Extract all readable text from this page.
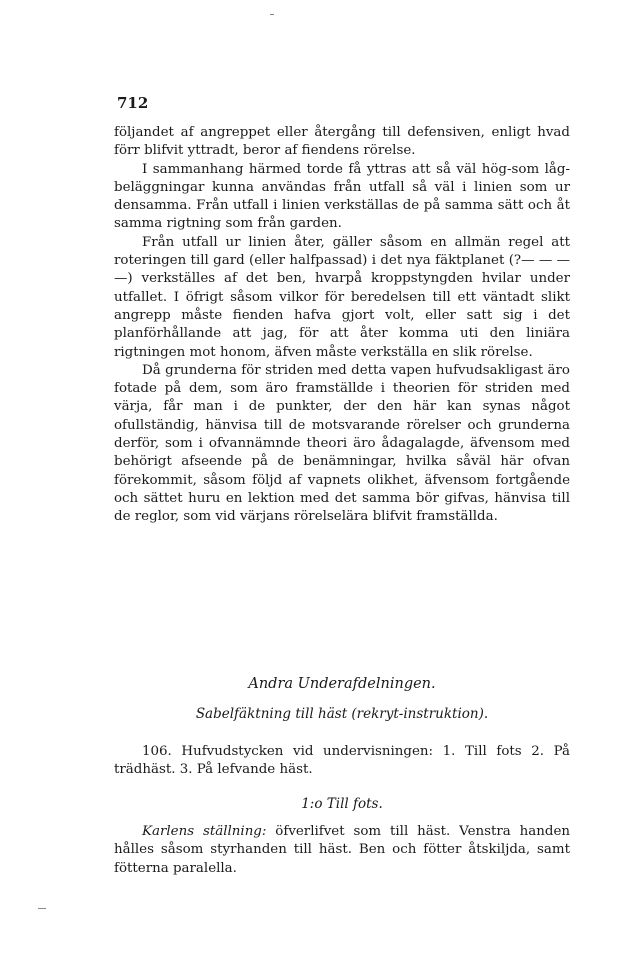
712

följandet af angreppet eller återgång till defensiven, enligt hvad förr blifvit yttradt, beror af fiendens rörelse.

I sammanhang härmed torde få yttras att så väl hög-som låg-beläggningar kunna användas från utfall så väl i linien som ur densamma. Från utfall i linien verkställas de på samma sätt och åt samma rigtning som från garden.

Från utfall ur linien åter, gäller såsom en allmän regel att roteringen till gard (eller halfpassad) i det nya fäktplanet (?— — — —) verkställes af det ben, hvarpå kroppstyngden hvilar under utfallet. I öfrigt såsom vilkor för beredelsen till ett väntadt slikt angrepp måste fienden hafva gjort volt, eller satt sig i det planförhållande att jag, för att åter komma uti den liniära rigtningen mot honom, äfven måste verkställa en slik rörelse.

Då grunderna för striden med detta vapen hufvudsakligast äro fotade på dem, som äro framställde i theorien för striden med värja, får man i de punkter, der den här kan synas något ofullständig, hänvisa till de motsvarande rörelser och grunderna derför, som i ofvannämnde theori äro ådagalagde, äfvensom med behörigt afseende på de benämningar, hvilka såväl här ofvan förekommit, såsom följd af vapnets olikhet, äfvensom fortgående och sättet huru en lektion med det samma bör gifvas, hänvisa till de reglor, som vid värjans rörelselära blifvit framställda.

Andra Underafdelningen.
Sabelfäktning till häst (rekryt-instruktion).

106. Hufvudstycken vid undervisningen: 1. Till fots 2. På trädhäst. 3. På lefvande häst.

1:o Till fots.

Karlens ställning: öfverlifvet som till häst. Venstra handen hålles såsom styrhanden till häst. Ben och fötter åtskiljda, samt fötterna paralella.
